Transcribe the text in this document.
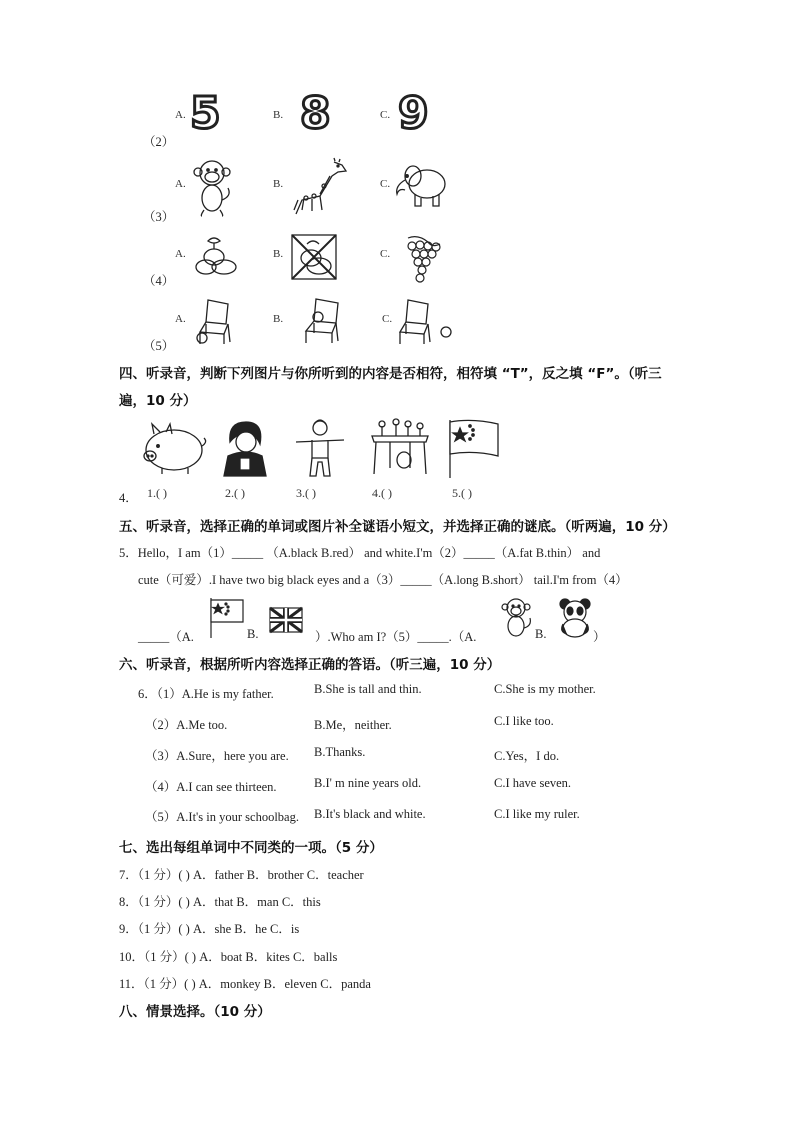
A. 5	B. 8	C. 9
（2）
A.	B.	C.
（3）
A.	B.	C.
（4）
A.	B.	C.
（5）
四、听录音，判断下列图片与你所听到的内容是否相符，相符填 “T”，反之填 “F”。（听三
遍，10 分）
4． 1.( )	2.( )	3.( )	4.( )	5.( )
五、听录音，选择正确的单词或图片补全谜语小短文，并选择正确的谜底。（听两遍，10 分）
5．Hello，I am（1）_____ （A.black B.red） and white.I'm（2）_____（A.fat B.thin） and
cute（可爱）.I have two big black eyes and a（3）_____（A.long B.short） tail.I'm from（4）
_____（A.	B.	）.Who am I?（5）_____.（A.	B.	）
六、听录音，根据所听内容选择正确的答语。（听三遍，10 分）
6．（1）A.He is my father.	B.She is tall and thin.	C.She is my mother.
（2）A.Me too.	B.Me，neither.	C.I like too.
（3）A.Sure，here you are. B.Thanks.	C.Yes，I do.
（4）A.I can see thirteen.	B.I' m nine years old.	C.I have seven.
（5）A.It's in your schoolbag. B.It's black and white.	C.I like my ruler.
七、选出每组单词中不同类的一项。（5 分）
7．（1 分）( ) A．father B．brother C．teacher
8．（1 分）( ) A．that B．man C．this
9．（1 分）( ) A．she B．he C．is
10．（1 分）( ) A．boat B．kites C．balls
11．（1 分）( ) A．monkey B．eleven C．panda
八、情景选择。（10 分）
